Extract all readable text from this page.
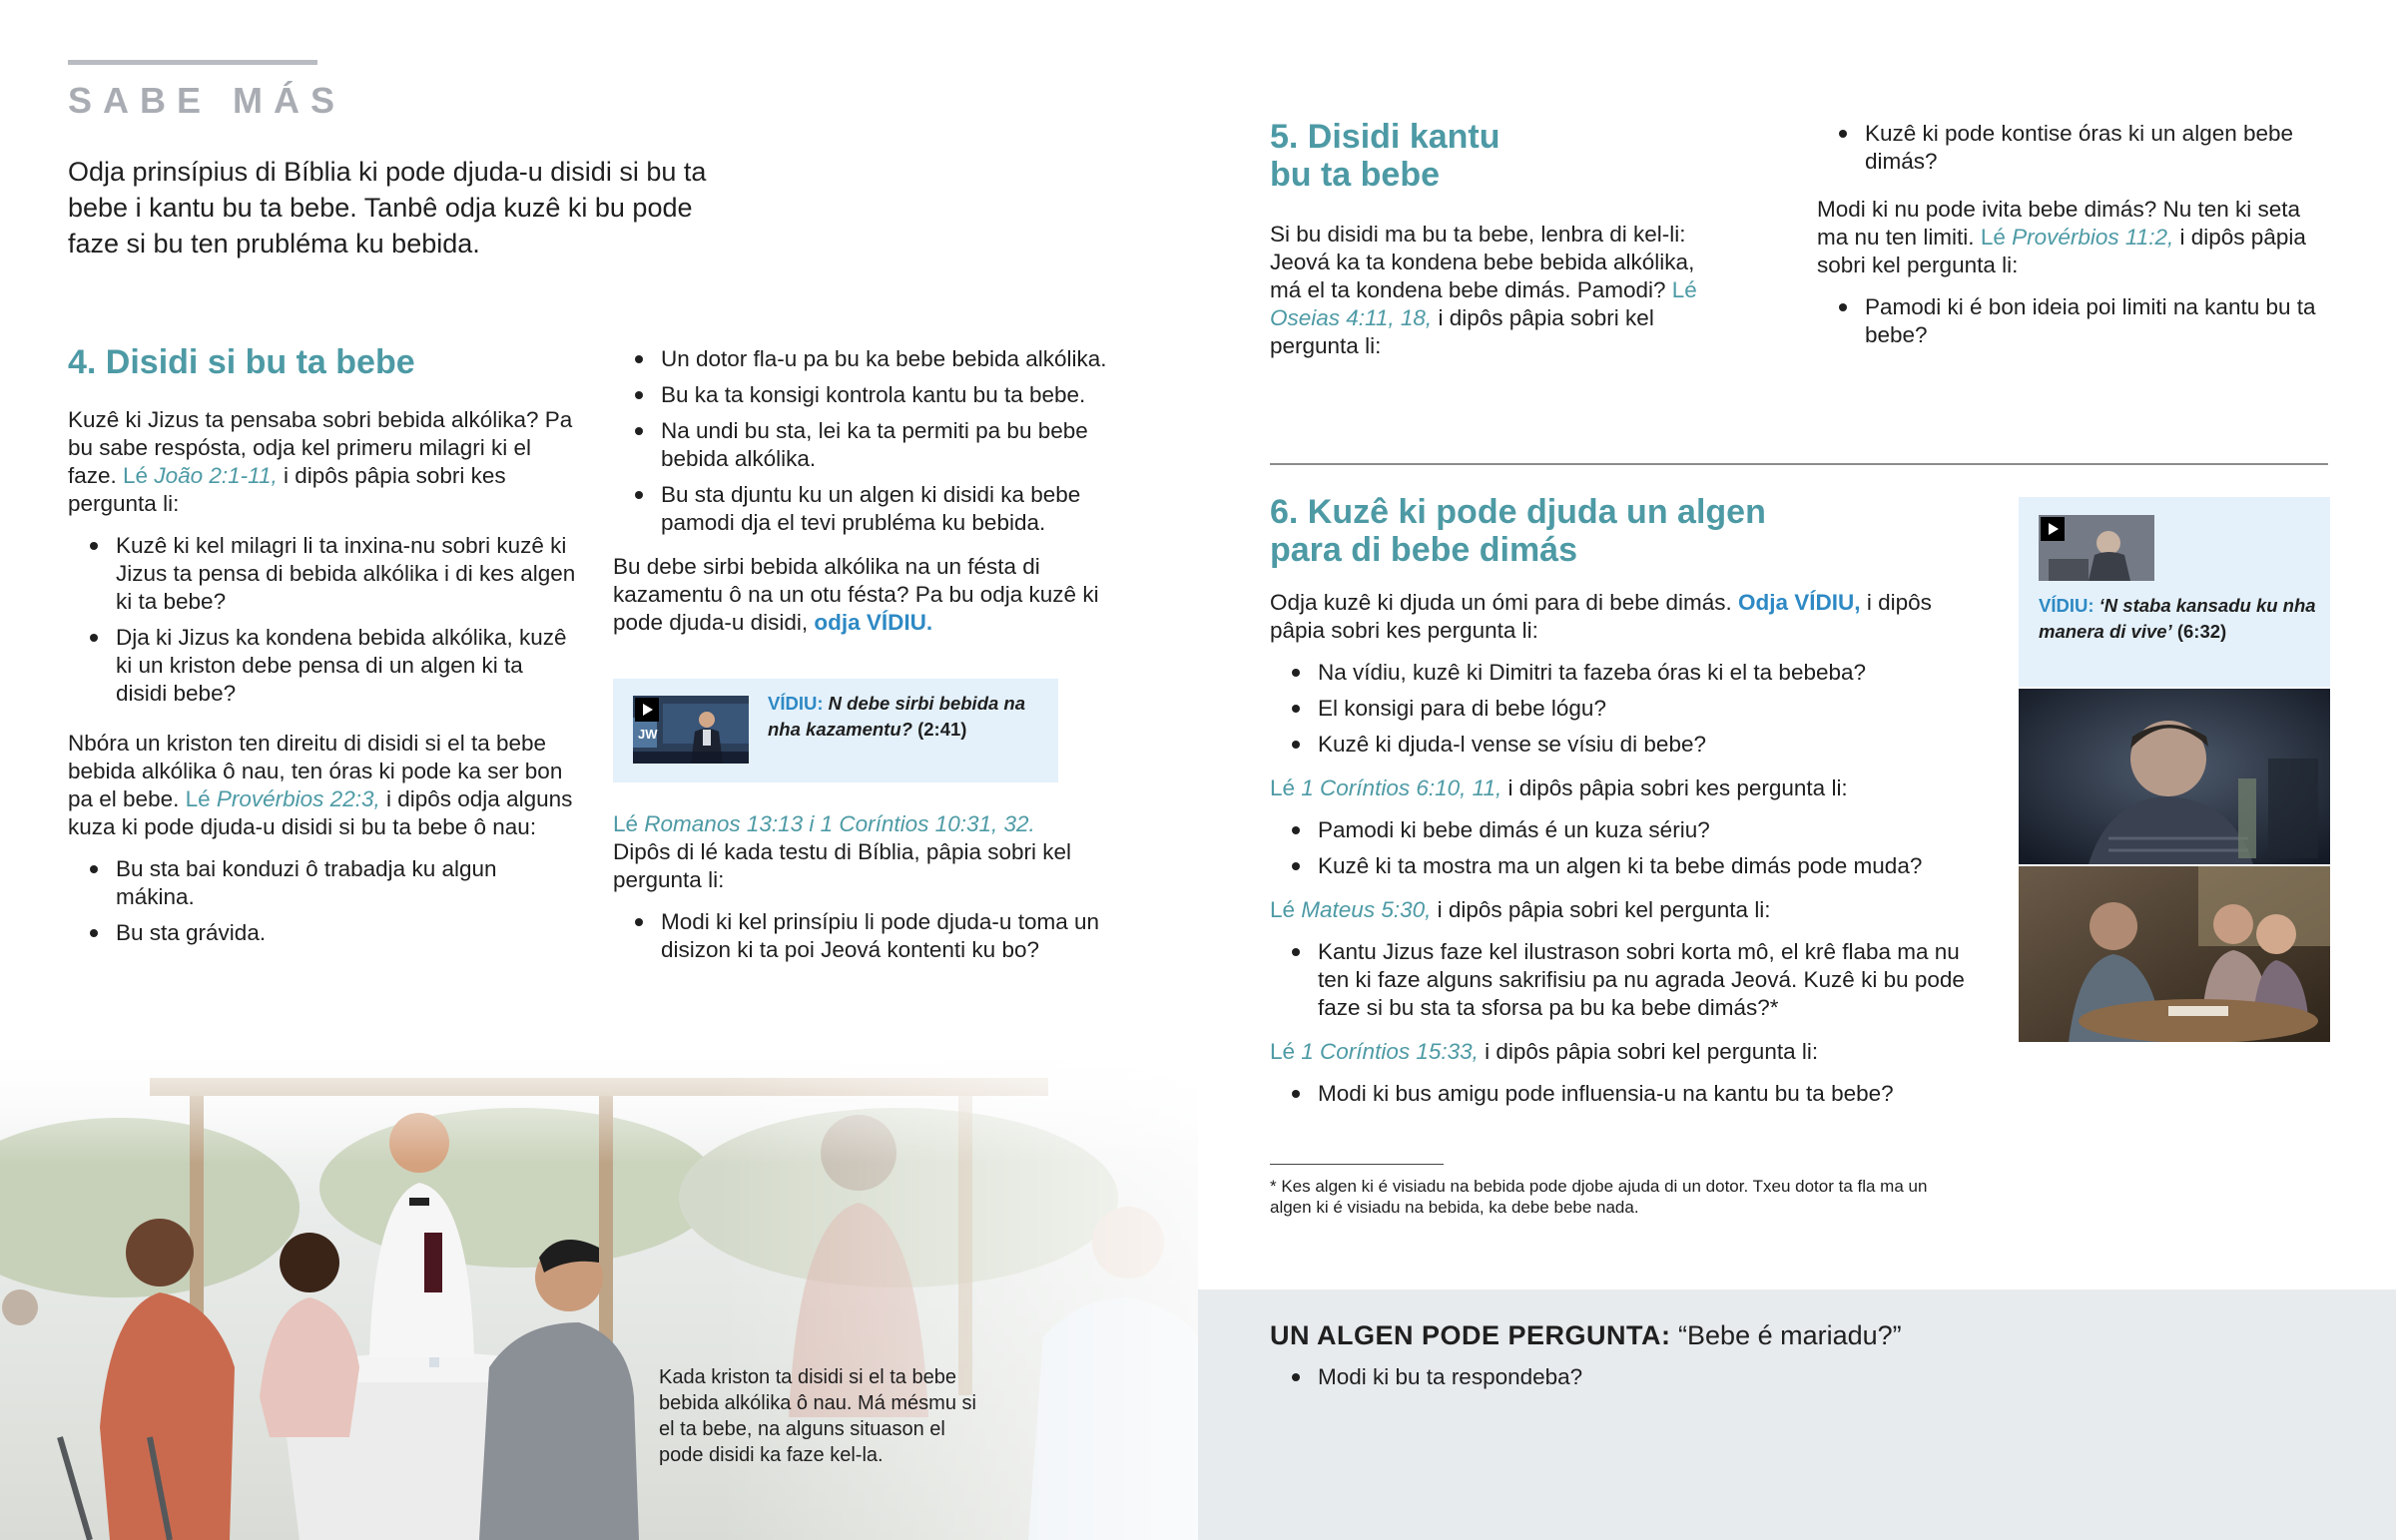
SABE MÁS
Odja prinsípius di Bíblia ki pode djuda-u disidi si bu ta bebe i kantu bu ta bebe. Tanbê odja kuzê ki bu pode faze si bu ten prubléma ku bebida.
4. Disidi si bu ta bebe

Kuzê ki Jizus ta pensaba sobri bebida alkólika? Pa bu sabe respósta, odja kel primeru milagri ki el faze. Lé João 2:1-11, i dipôs pâpia sobri kes pergunta li:

Kuzê ki kel milagri li ta inxina-nu sobri kuzê ki Jizus ta pensa di bebida alkólika i di kes algen ki ta bebe?
Dja ki Jizus ka kondena bebida alkólika, kuzê ki un kriston debe pensa di un algen ki ta disidi bebe?

Nbóra un kriston ten direitu di disidi si el ta bebe bebida alkólika ô nau, ten óras ki pode ka ser bon pa el bebe. Lé Provérbios 22:3, i dipôs odja alguns kuza ki pode djuda-u disidi si bu ta bebe ô nau:

Bu sta bai konduzi ô trabadja ku algun mákina.
Bu sta grávida.
Un dotor fla-u pa bu ka bebe bebida alkólika.
Bu ka ta konsigi kontrola kantu bu ta bebe.
Na undi bu sta, lei ka ta permiti pa bu bebe bebida alkólika.
Bu sta djuntu ku un algen ki disidi ka bebe pamodi dja el tevi prubléma ku bebida.

Bu debe sirbi bebida alkólika na un fésta di kazamentu ô na un otu fésta? Pa bu odja kuzê ki pode djuda-u disidi, odja VÍDIU.

JW
VÍDIU: N debe sirbi bebida na nha kazamentu? (2:41)

Lé Romanos 13:13 i 1 Coríntios 10:31, 32.
Dipôs di lé kada testu di Bíblia, pâpia sobri kel pergunta li:

Modi ki kel prinsípiu li pode djuda-u toma un disizon ki ta poi Jeová kontenti ku bo?
Kada kriston ta disidi si el ta bebe bebida alkólika ô nau. Má mésmu si el ta bebe, na alguns situason el pode disidi ka faze kel-la.
5. Disidi kantu
bu ta bebe

Si bu disidi ma bu ta bebe, lenbra di kel-li: Jeová ka ta kondena bebe bebida alkólika, má el ta kondena bebe dimás. Pamodi? Lé Oseias 4:11, 18, i dipôs pâpia sobri kel pergunta li:

Kuzê ki pode kontise óras ki un algen bebe dimás?

Modi ki nu pode ivita bebe dimás? Nu ten ki seta ma nu ten limiti. Lé Provérbios 11:2, i dipôs pâpia sobri kel pergunta li:

Pamodi ki é bon ideia poi limiti na kantu bu ta bebe?
6. Kuzê ki pode djuda un algen
para di bebe dimás

Odja kuzê ki djuda un ómi para di bebe dimás. Odja VÍDIU, i dipôs pâpia sobri kes pergunta li:

Na vídiu, kuzê ki Dimitri ta fazeba óras ki el ta bebeba?
El konsigi para di bebe lógu?
Kuzê ki djuda-l vense se vísiu di bebe?

Lé 1 Coríntios 6:10, 11, i dipôs pâpia sobri kes pergunta li:

Pamodi ki bebe dimás é un kuza sériu?
Kuzê ki ta mostra ma un algen ki ta bebe dimás pode muda?

Lé Mateus 5:30, i dipôs pâpia sobri kel pergunta li:

Kantu Jizus faze kel ilustrason sobri korta mô, el krê flaba ma nu ten ki faze alguns sakrifisiu pa nu agrada Jeová. Kuzê ki bu pode faze si bu sta ta sforsa pa bu ka bebe dimás?*

Lé 1 Coríntios 15:33, i dipôs pâpia sobri kel pergunta li:

Modi ki bus amigu pode influensia-u na kantu bu ta bebe?
VÍDIU: ‘N staba kansadu ku nha manera di vive’ (6:32)
* Kes algen ki é visiadu na bebida pode djobe ajuda di un dotor. Txeu dotor ta fla ma un algen ki é visiadu na bebida, ka debe bebe nada.
UN ALGEN PODE PERGUNTA: “Bebe é mariadu?”
Modi ki bu ta respondeba?
